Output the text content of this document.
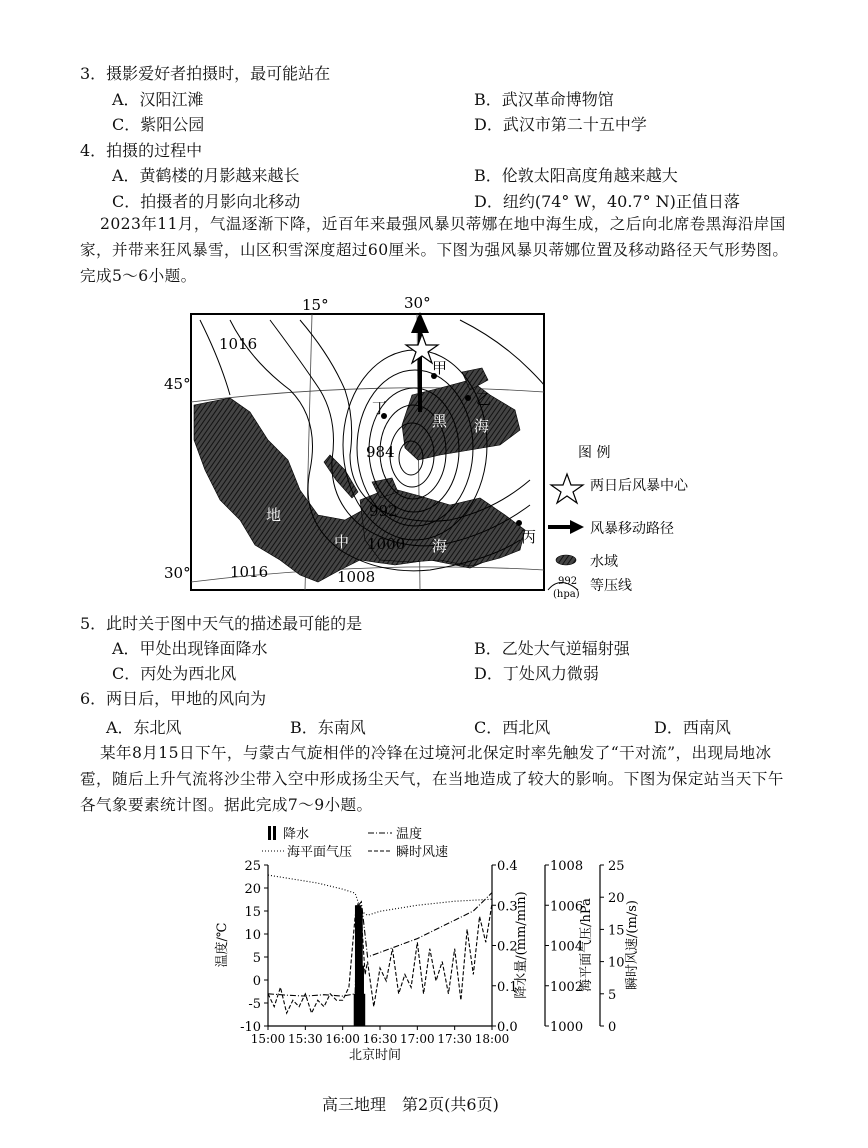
3．摄影爱好者拍摄时，最可能站在
A．汉阳江滩	B．武汉革命博物馆
C．紫阳公园	D．武汉市第二十五中学
4．拍摄的过程中
A．黄鹤楼的月影越来越长	B．伦敦太阳高度角越来越大
C．拍摄者的月影向北移动	D．纽约(74° W，40.7° N)正值日落
2023年11月，气温逐渐下降，近百年来最强风暴贝蒂娜在地中海生成，之后向北席卷黑海沿岸国家，并带来狂风暴雪，山区积雪深度超过60厘米。下图为强风暴贝蒂娜位置及移动路径天气形势图。完成5～6小题。
15°	30°
45°
30°
1016
984
992
1000
1016	1008
甲
乙
丙
丁
地
中	海
黑 海
图 例
两日后风暴中心
风暴移动路径
水域
992
(hpa)
等压线
5．此时关于图中天气的描述最可能的是
A．甲处出现锋面降水	B．乙处大气逆辐射强
C．丙处为西北风	D．丁处风力微弱
6．两日后，甲地的风向为
A．东北风	B．东南风	C．西北风	D．西南风
某年8月15日下午，与蒙古气旋相伴的冷锋在过境河北保定时率先触发了“干对流”，出现局地冰雹，随后上升气流将沙尘带入空中形成扬尘天气，在当地造成了较大的影响。下图为保定站当天下午各气象要素统计图。据此完成7～9小题。
25
20
15
10
5
0
-5
-10
温度/℃
0.4
0.3
0.2
0.1
0.0
降水量/(mm/min)
1008
1006
1004
1002
1000
海平面气压/hPa
25
20
15
10
5
0
瞬时风速/(m/s)
15:00 15:30 16:00 16:30 17:00 17:30 18:00
北京时间
降水	温度
海平面气压	瞬时风速
高三地理　第2页(共6页)
